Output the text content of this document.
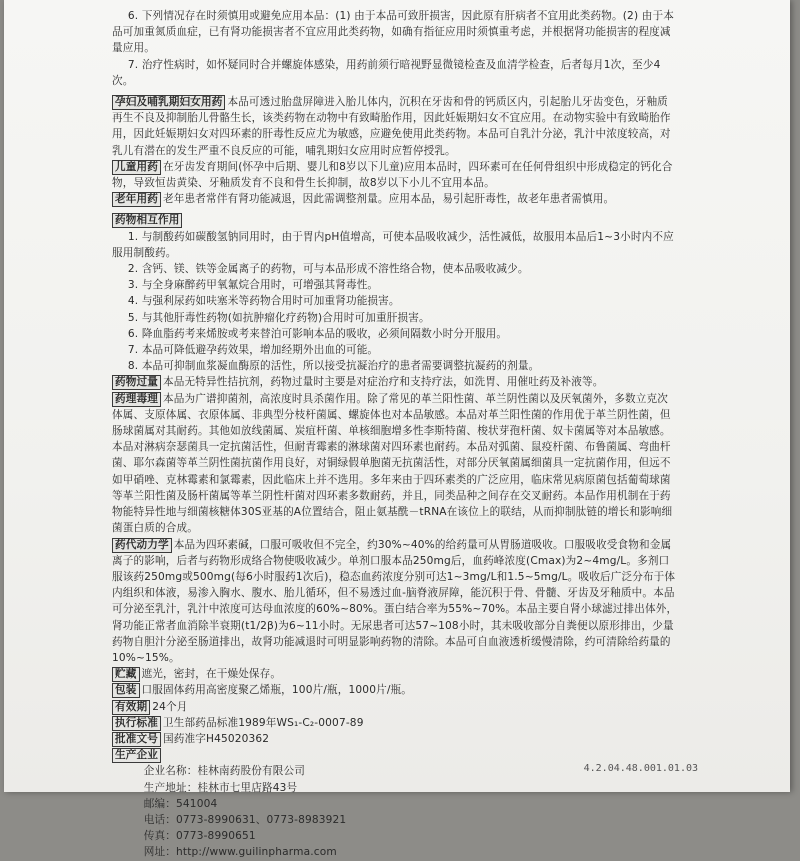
6. 下列情况存在时须慎用或避免应用本品：(1) 由于本品可致肝损害，因此原有肝病者不宜用此类药物。(2) 由于本品可加重氮质血症，已有肾功能损害者不宜应用此类药物，如确有指征应用时须慎重考虑，并根据肾功能损害的程度减量应用。

7. 治疗性病时，如怀疑同时合并螺旋体感染，用药前须行暗视野显微镜检查及血清学检查，后者每月1次，至少4次。

孕妇及哺乳期妇女用药 本品可透过胎盘屏障进入胎儿体内，沉积在牙齿和骨的钙质区内，引起胎儿牙齿变色，牙釉质再生不良及抑制胎儿骨骼生长，该类药物在动物中有致畸胎作用，因此妊娠期妇女不宜应用。在动物实验中有致畸胎作用，因此妊娠期妇女对四环素的肝毒性反应尤为敏感，应避免使用此类药物。本品可自乳汁分泌，乳汁中浓度较高，对乳儿有潜在的发生严重不良反应的可能，哺乳期妇女应用时应暂停授乳。

儿童用药 在牙齿发育期间(怀孕中后期、婴儿和8岁以下儿童)应用本品时，四环素可在任何骨组织中形成稳定的钙化合物，导致恒齿黄染、牙釉质发育不良和骨生长抑制，故8岁以下小儿不宜用本品。

老年用药 老年患者常伴有肾功能减退，因此需调整剂量。应用本品，易引起肝毒性，故老年患者需慎用。

药物相互作用

1. 与制酸药如碳酸氢钠同用时，由于胃内pH值增高，可使本品吸收减少，活性减低，故服用本品后1~3小时内不应服用制酸药。

2. 含钙、镁、铁等金属离子的药物，可与本品形成不溶性络合物，使本品吸收减少。

3. 与全身麻醉药甲氧氟烷合用时，可增强其肾毒性。

4. 与强利尿药如呋塞米等药物合用时可加重肾功能损害。

5. 与其他肝毒性药物(如抗肿瘤化疗药物)合用时可加重肝损害。

6. 降血脂药考来烯胺或考来替泊可影响本品的吸收，必须间隔数小时分开服用。

7. 本品可降低避孕药效果，增加经期外出血的可能。

8. 本品可抑制血浆凝血酶原的活性，所以接受抗凝治疗的患者需要调整抗凝药的剂量。

药物过量 本品无特异性拮抗剂，药物过量时主要是对症治疗和支持疗法，如洗胃、用催吐药及补液等。

药理毒理 本品为广谱抑菌剂，高浓度时具杀菌作用。除了常见的革兰阳性菌、革兰阴性菌以及厌氧菌外，多数立克次体属、支原体属、衣原体属、非典型分枝杆菌属、螺旋体也对本品敏感。本品对革兰阳性菌的作用优于革兰阴性菌，但肠球菌属对其耐药。其他如放线菌属、炭疽杆菌、单核细胞增多性李斯特菌、梭状芽孢杆菌、奴卡菌属等对本品敏感。本品对淋病奈瑟菌具一定抗菌活性，但耐青霉素的淋球菌对四环素也耐药。本品对弧菌、鼠疫杆菌、布鲁菌属、弯曲杆菌、耶尔森菌等革兰阴性菌抗菌作用良好，对铜绿假单胞菌无抗菌活性，对部分厌氧菌属细菌具一定抗菌作用，但远不如甲硝唑、克林霉素和氯霉素，因此临床上并不选用。多年来由于四环素类的广泛应用，临床常见病原菌包括葡萄球菌等革兰阳性菌及肠杆菌属等革兰阴性杆菌对四环素多数耐药，并且，同类品种之间存在交叉耐药。本品作用机制在于药物能特异性地与细菌核糖体30S亚基的A位置结合，阻止氨基酰－tRNA在该位上的联结，从而抑制肽链的增长和影响细菌蛋白质的合成。

药代动力学 本品为四环素碱，口服可吸收但不完全，约30%~40%的给药量可从胃肠道吸收。口服吸收受食物和金属离子的影响，后者与药物形成络合物使吸收减少。单剂口服本品250mg后，血药峰浓度(Cmax)为2~4mg/L。多剂口服该药250mg或500mg(每6小时服药1次后)，稳态血药浓度分别可达1~3mg/L和1.5~5mg/L。吸收后广泛分布于体内组织和体液，易渗入胸水、腹水、胎儿循环，但不易透过血-脑脊液屏障，能沉积于骨、骨髓、牙齿及牙釉质中。本品可分泌至乳汁，乳汁中浓度可达母血浓度的60%~80%。蛋白结合率为55%~70%。本品主要自肾小球滤过排出体外，肾功能正常者血消除半衰期(t1/2β)为6~11小时。无尿患者可达57~108小时，其未吸收部分自粪便以原形排出，少量药物自胆汁分泌至肠道排出，故肾功能减退时可明显影响药物的清除。本品可自血液透析缓慢清除，约可清除给药量的10%~15%。

贮藏 遮光，密封，在干燥处保存。

包装 口服固体药用高密度聚乙烯瓶，100片/瓶，1000片/瓶。

有效期 24个月

执行标准 卫生部药品标准1989年WS₁-C₂-0007-89

批准文号 国药准字H45020362

生产企业

企业名称：桂林南药股份有限公司

生产地址：桂林市七里店路43号

邮编：541004

电话：0773-8990631、0773-8983921

传真：0773-8990651

网址：http://www.guilinpharma.com

4.2.04.48.001.01.03
